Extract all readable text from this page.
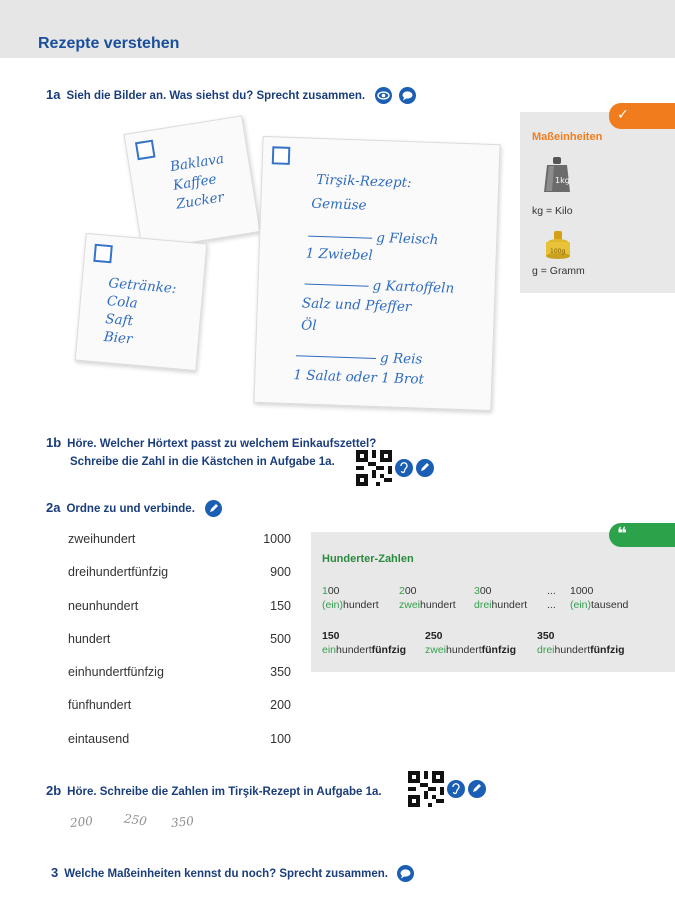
Rezepte verstehen
1a Sieh die Bilder an. Was siehst du? Sprecht zusammen.

Baklava
Kaffee
Zucker
Tirşik-Rezept:
Gemüse
g Fleisch
1 Zwiebel
g Kartoffeln
Salz und Pfeffer
Öl
g Reis
1 Salat oder 1 Brot
Getränke:
Cola
Saft
Bier
✓
Maßeinheiten
1kg
kg = Kilo
100g
g = Gramm
1b Höre. Welcher Hörtext passt zu welchem Einkaufszettel?
Schreibe die Zahl in die Kästchen in Aufgabe 1a.
2a Ordne zu und verbinde.
zweihundert
dreihundertfünfzig
neunhundert
hundert
einhundertfünfzig
fünfhundert
eintausend
1000
900
150
500
350
200
100
❝
Hunderter-Zahlen
100
(ein)hundert
200
zweihundert
300
dreihundert
...
...
1000
(ein)tausend
150
einhundertfünfzig
250
zweihundertfünfzig
350
dreihundertfünfzig
2b Höre. Schreibe die Zahlen im Tirşik-Rezept in Aufgabe 1a.
200 250 350
3 Welche Maßeinheiten kennst du noch? Sprecht zusammen.
